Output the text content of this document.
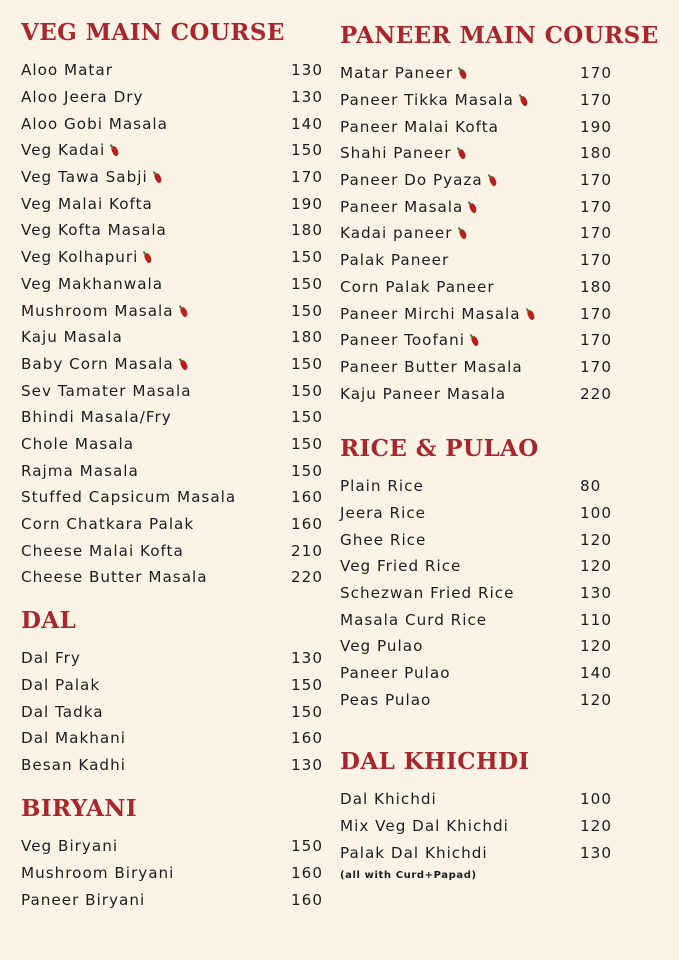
VEG MAIN COURSE
Aloo Matar	130
Aloo Jeera Dry	130
Aloo Gobi Masala	140
Veg Kadai	150
Veg Tawa Sabji	170
Veg Malai Kofta	190
Veg Kofta Masala	180
Veg Kolhapuri	150
Veg Makhanwala	150
Mushroom Masala	150
Kaju Masala	180
Baby Corn Masala	150
Sev Tamater Masala	150
Bhindi Masala/Fry	150
Chole Masala	150
Rajma Masala	150
Stuffed Capsicum Masala	160
Corn Chatkara Palak	160
Cheese Malai Kofta	210
Cheese Butter Masala	220
DAL
Dal Fry	130
Dal Palak	150
Dal Tadka	150
Dal Makhani	160
Besan Kadhi	130
BIRYANI
Veg Biryani	150
Mushroom Biryani	160
Paneer Biryani	160
PANEER MAIN COURSE
Matar Paneer	170
Paneer Tikka Masala	170
Paneer Malai Kofta	190
Shahi Paneer	180
Paneer Do Pyaza	170
Paneer Masala	170
Kadai paneer	170
Palak Paneer	170
Corn Palak Paneer	180
Paneer Mirchi Masala	170
Paneer Toofani	170
Paneer Butter Masala	170
Kaju Paneer Masala	220
RICE & PULAO
Plain Rice	80
Jeera Rice	100
Ghee Rice	120
Veg Fried Rice	120
Schezwan Fried Rice	130
Masala Curd Rice	110
Veg Pulao	120
Paneer Pulao	140
Peas Pulao	120
DAL KHICHDI
Dal Khichdi	100
Mix Veg Dal Khichdi	120
Palak Dal Khichdi	130
(all with Curd+Papad)
